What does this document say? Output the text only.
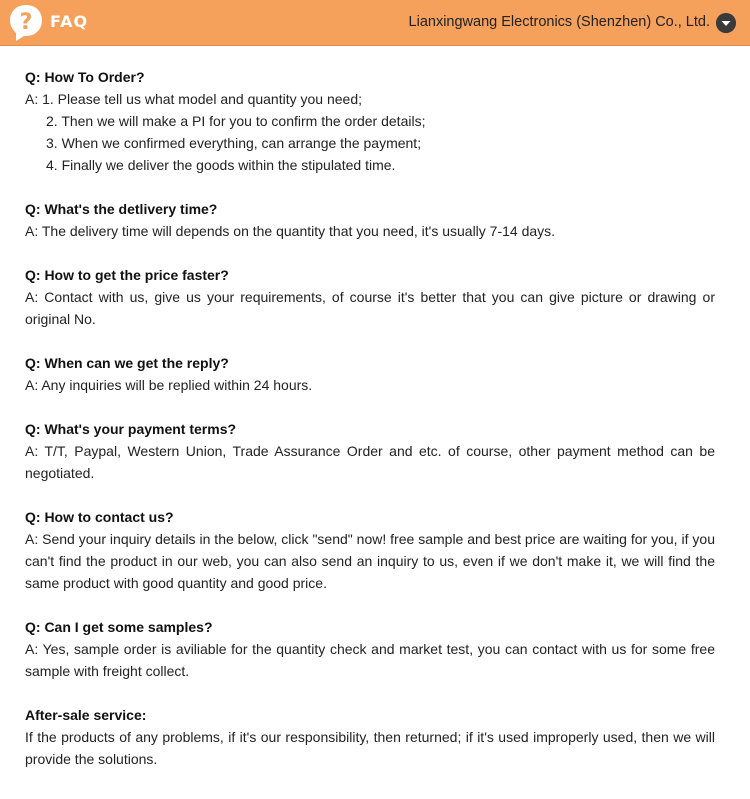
? FAQ	Lianxingwang Electronics (Shenzhen) Co., Ltd.
Q: How To Order?
A: 1. Please tell us what model and quantity you need;
2. Then we will make a PI for you to confirm the order details;
3. When we confirmed everything, can arrange the payment;
4. Finally we deliver the goods within the stipulated time.
Q: What's the detlivery time?
A: The delivery time will depends on the quantity that you need, it's usually 7-14 days.
Q: How to get the price faster?
A: Contact with us, give us your requirements, of course it's better that you can give picture or drawing or original No.
Q: When can we get the reply?
A: Any inquiries will be replied within 24 hours.
Q: What's your payment terms?
A: T/T, Paypal, Western Union, Trade Assurance Order and etc. of course, other payment method can be negotiated.
Q: How to contact us?
A: Send your inquiry details in the below, click "send" now! free sample and best price are waiting for you, if you can't find the product in our web, you can also send an inquiry to us, even if we don't make it, we will find the same product with good quantity and good price.
Q: Can I get some samples?
A: Yes, sample order is aviliable for the quantity check and market test, you can contact with us for some free sample with freight collect.
After-sale service:
If the products of any problems, if it's our responsibility, then returned; if it's used improperly used, then we will provide the solutions.
